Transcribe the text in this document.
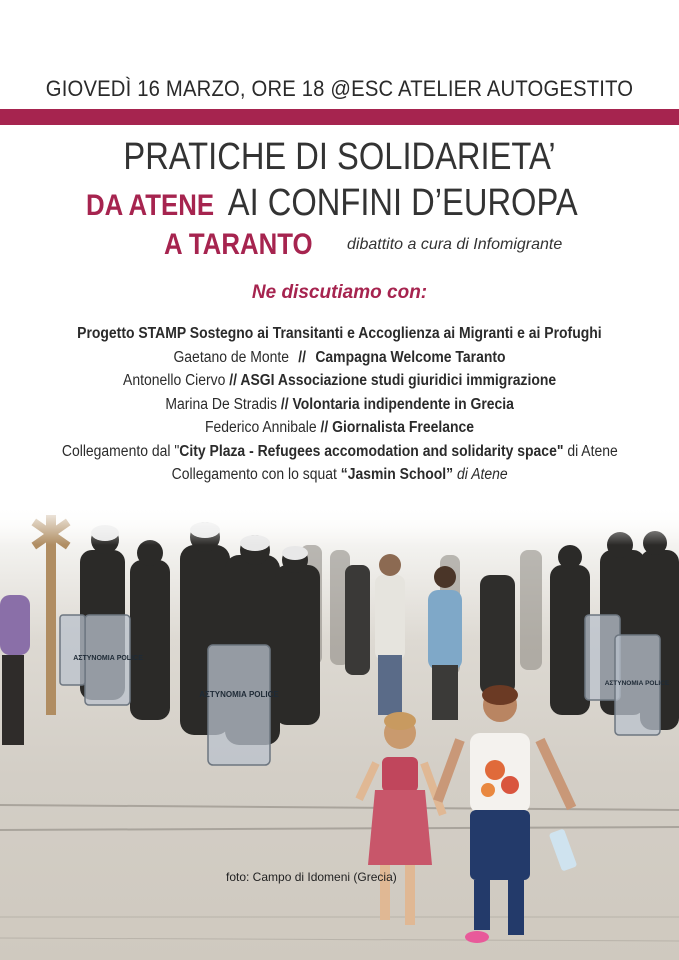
GIOVEDÌ 16 MARZO, ORE 18 @ESC ATELIER AUTOGESTITO
PRATICHE DI SOLIDARIETA’
DA ATENE AI CONFINI D’EUROPA
A TARANTO dibattito a cura di Infomigrante
Ne discutiamo con:
Progetto STAMP Sostegno ai Transitanti e Accoglienza ai Migranti e ai Profughi
Gaetano de Monte // Campagna Welcome Taranto
Antonello Ciervo // ASGI Associazione studi giuridici immigrazione
Marina De Stradis // Volontaria indipendente in Grecia
Federico Annibale // Giornalista Freelance
Collegamento dal "City Plaza - Refugees accomodation and solidarity space" di Atene
Collegamento con lo squat “Jasmin School” di Atene
ΑΣΤΥΝΟΜΙΑ POLICE
ΑΣΤΥΝΟΜΙΑ POLICE
ΑΣΤΥΝΟΜΙΑ POLICE
foto: Campo di Idomeni (Grecia)
